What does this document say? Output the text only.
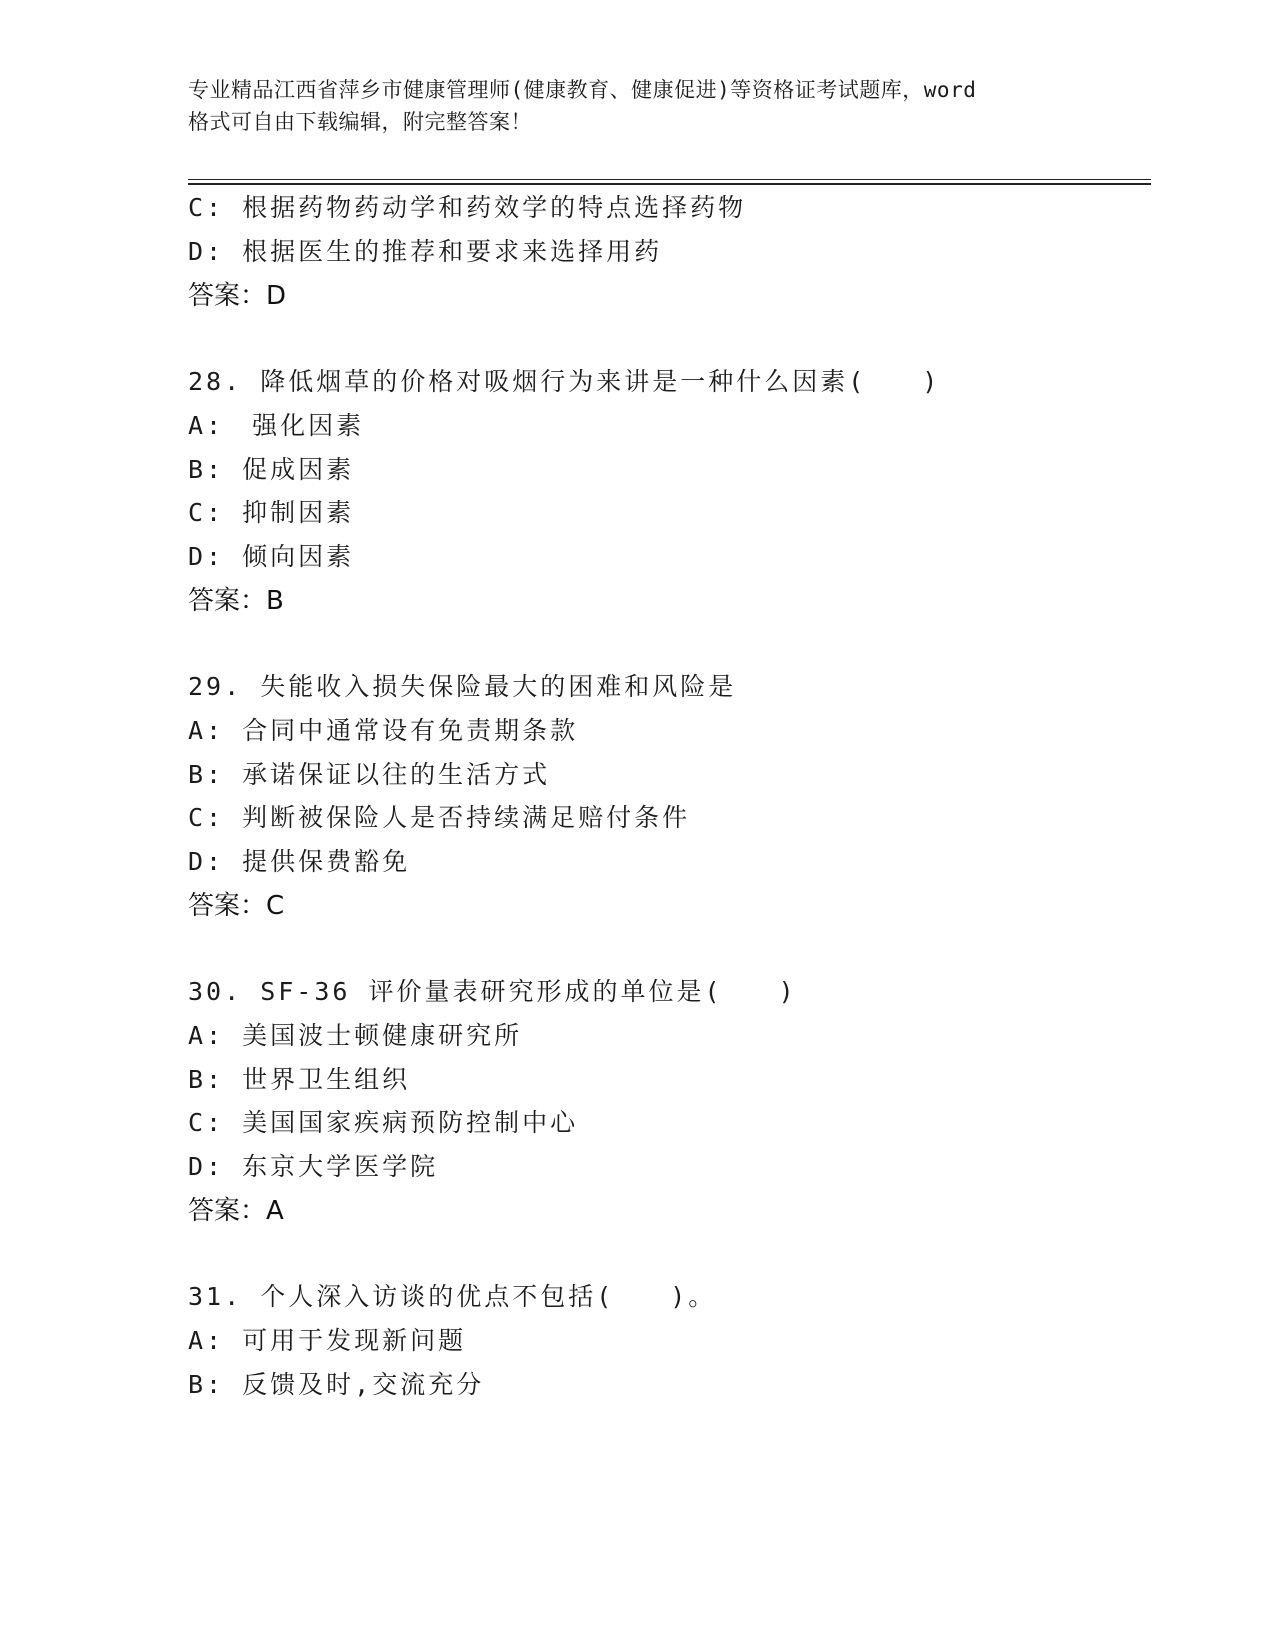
专业精品江西省萍乡市健康管理师(健康教育、健康促进)等资格证考试题库，word
格式可自由下载编辑，附完整答案！
C: 根据药物药动学和药效学的特点选择药物
D: 根据医生的推荐和要求来选择用药
答案：D
28. 降低烟草的价格对吸烟行为来讲是一种什么因素(　　)
A:　强化因素
B: 促成因素
C: 抑制因素
D: 倾向因素
答案：B
29. 失能收入损失保险最大的困难和风险是
A: 合同中通常设有免责期条款
B: 承诺保证以往的生活方式
C: 判断被保险人是否持续满足赔付条件
D: 提供保费豁免
答案：C
30. SF-36 评价量表研究形成的单位是(　　)
A: 美国波士顿健康研究所
B: 世界卫生组织
C: 美国国家疾病预防控制中心
D: 东京大学医学院
答案：A
31. 个人深入访谈的优点不包括(　　)。
A: 可用于发现新问题
B: 反馈及时,交流充分
